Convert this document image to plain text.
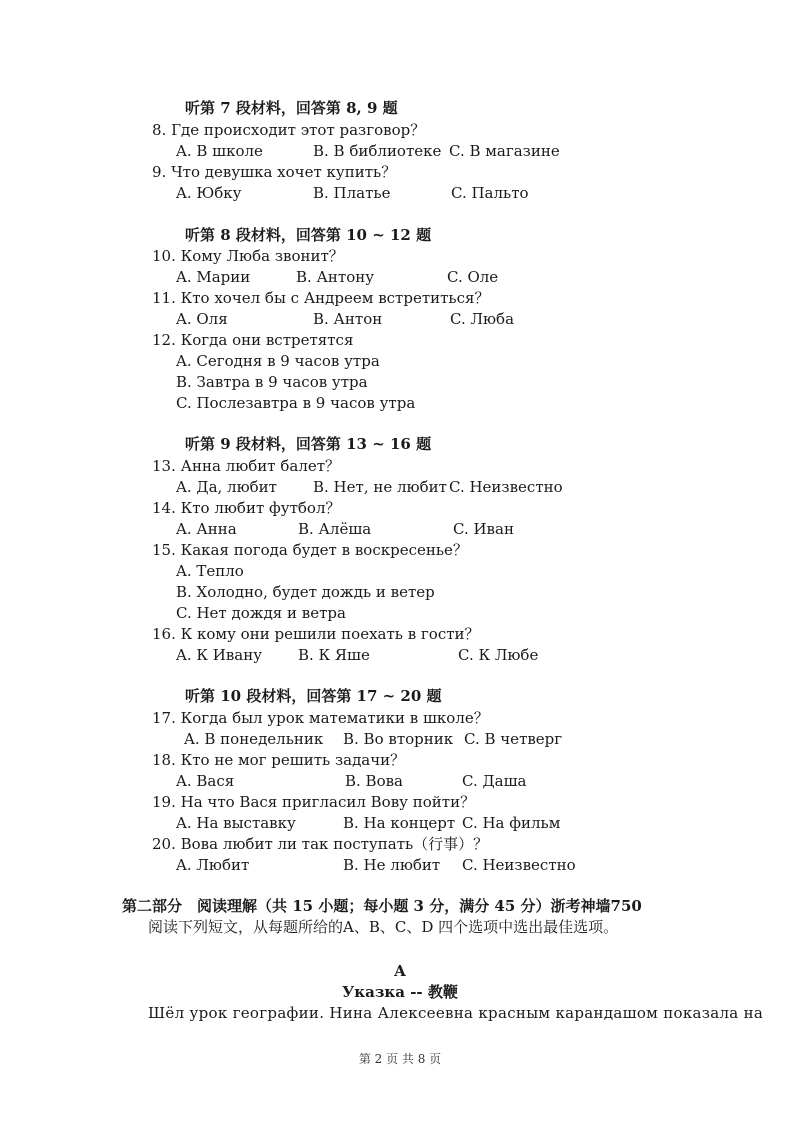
听第 7 段材料，回答第 8, 9 题
8. Где происходит этот разговор？
A. В школе	B. В библиотеке C. В магазине
9. Что девушка хочет купить？
A. Юбку	B. Платье	C. Пальто
听第 8 段材料，回答第 10 ~ 12 题
10. Кому Люба звонит？
A. Марии	B. Антону	C. Оле
11. Кто хочел бы с Андреем встретиться？
A. Оля	B. Антон	C. Люба
12. Когда они встретятся
A. Сегодня в 9 часов утра
B. Завтра в 9 часов утра
C. Послезавтра в 9 часов утра
听第 9 段材料，回答第 13 ~ 16 题
13. Анна любит балет？
A. Да, любит B. Нет, не любит C. Неизвестно
14. Кто любит футбол？
A. Анна	B. Алёша	C. Иван
15. Какая погода будет в воскресенье？
A. Тепло
B. Холодно, будет дождь и ветер
C. Нет дождя и ветра
16. К кому они решили поехать в гости？
A. К Ивану B. К Яше	C. К Любе
听第 10 段材料，回答第 17 ~ 20 题
17. Когда был урок математики в школе？
A. В понедельник B. Во вторник C. В четверг
18. Кто не мог решить задачи？
A. Вася	B. Вова	C. Даша
19. На что Вася пригласил Вову пойти？
A. На выставку	B. На концерт C. На фильм
20. Вова любит ли так поступать（行事）？
A. Любит	B. Не любит C. Неизвестно
第二部分　阅读理解（共 15 小题；每小题 3 分，满分 45 分）浙考神墙750
阅读下列短文，从每题所给的A、B、C、D 四个选项中选出最佳选项。
A
Указка -- 教鞭
Шёл урок географии. Нина Алексеевна красным карандашом показала на
第 2 页 共 8 页
